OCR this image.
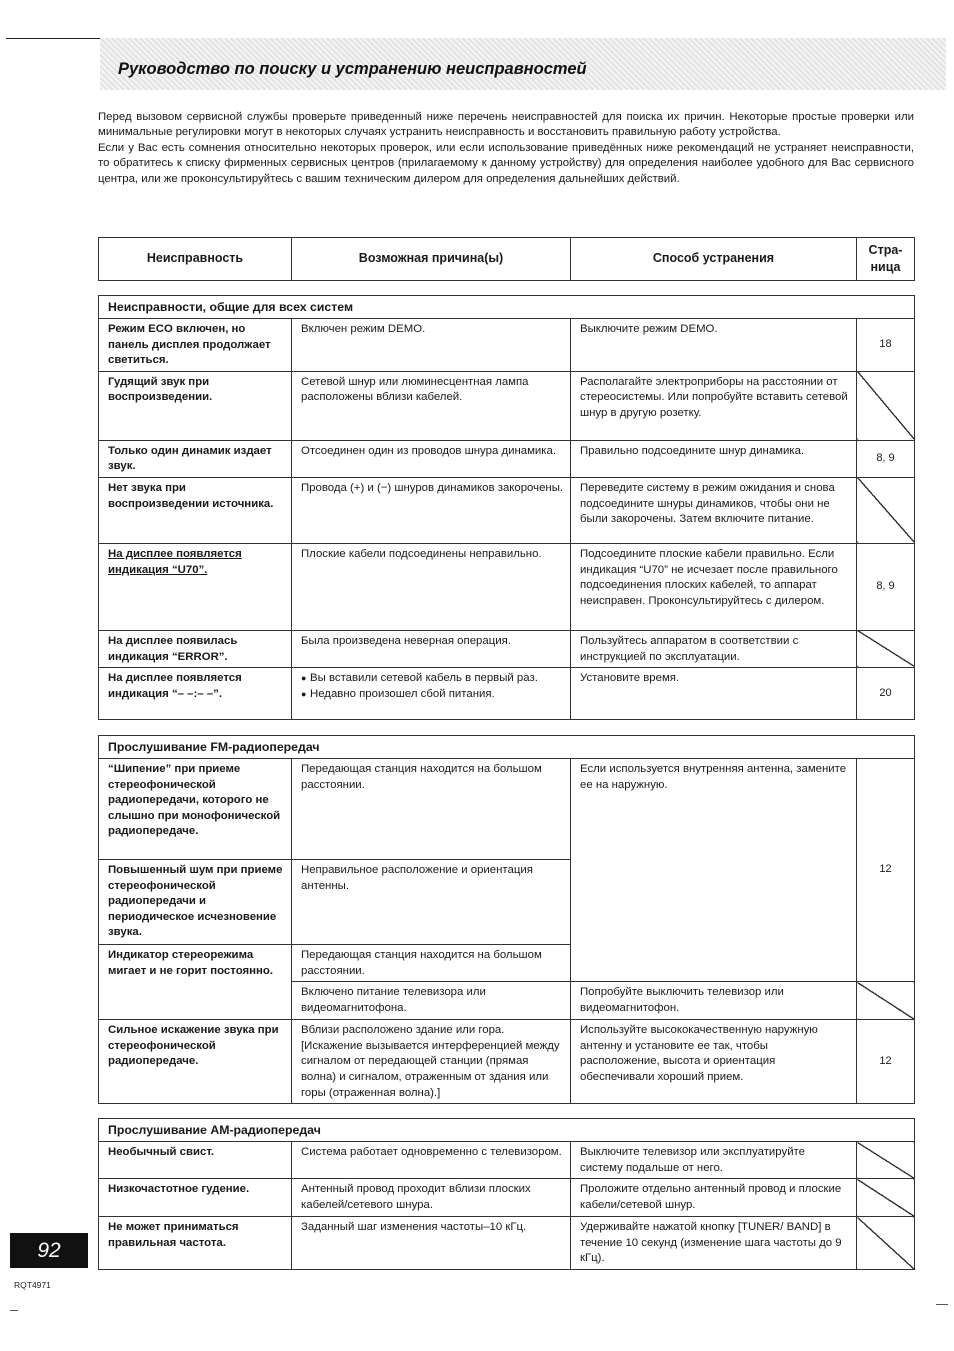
Руководство по поиску и устранению неисправностей

Перед вызовом сервисной службы проверьте приведенный ниже перечень неисправностей для поиска их причин. Некоторые простые проверки или минимальные регулировки могут в некоторых случаях устранить неисправность и восстановить правильную работу устройства.

Если у Вас есть сомнения относительно некоторых проверок, или если использование приведённых ниже рекомендаций не устраняет неисправности, то обратитесь к списку фирменных сервисных центров (прилагаемому к данному устройству) для определения наиболее удобного для Вас сервисного центра, или же проконсультируйтесь с вашим техническим дилером для определения дальнейших действий.

Неисправность	Возможная причина(ы)	Способ устранения	Стра-
ница
Неисправности, общие для всех систем			
Режим ECO включен, но панель дисплея продолжает светиться.	Включен режим DEMO.	Выключите режим DEMO.	18
Гудящий звук при воспроизведении.	Сетевой шнур или люминесцентная лампа расположены вблизи кабелей.	Располагайте электроприборы на расстоянии от стереосистемы. Или попробуйте вставить сетевой шнур в другую розетку.	
Только один динамик издает звук.	Отсоединен один из проводов шнура динамика.	Правильно подсоедините шнур динамика.	8, 9
Нет звука при воспроизведении источника.	Провода (+) и (−) шнуров динамиков закорочены.	Переведите систему в режим ожидания и снова подсоедините шнуры динамиков, чтобы они не были закорочены. Затем включите питание.	
На дисплее появляется индикация “U70”.	Плоские кабели подсоединены неправильно.	Подсоедините плоские кабели правильно. Если индикация “U70” не исчезает после правильного подсоединения плоских кабелей, то аппарат неисправен. Проконсультируйтесь с дилером.	8, 9
На дисплее появилась индикация “ERROR”.	Была произведена неверная операция.	Пользуйтесь аппаратом в соответствии с инструкцией по эксплуатации.	
На дисплее появляется индикация “– –:– –”.	● Вы вставили сетевой кабель в первый раз.
● Недавно произошел сбой питания.	Установите время.	20
Прослушивание FM-радиопередач			
“Шипение” при приеме стереофонической радиопередачи, которого не слышно при монофонической радиопередаче.	Передающая станция находится на большом расстоянии.	Если используется внутренняя антенна, замените ее на наружную.	12
Повышенный шум при приеме стереофонической радиопередачи и периодическое исчезновение звука.	Неправильное расположение и ориентация антенны.		
Индикатор стереорежима мигает и не горит постоянно.	Передающая станция находится на большом расстоянии.		
	Включено питание телевизора или видеомагнитофона.	Попробуйте выключить телевизор или видеомагнитофон.	
Сильное искажение звука при стереофонической радиопередаче.	Вблизи расположено здание или гора. [Искажение вызывается интерференцией между сигналом от передающей станции (прямая волна) и сигналом, отраженным от здания или горы (отраженная волна).]	Используйте высококачественную наружную антенну и установите ее так, чтобы расположение, высота и ориентация обеспечивали хороший прием.	12
Прослушивание AM-радиопередач			
Необычный свист.	Система работает одновременно с телевизором.	Выключите телевизор или эксплуатируйте систему подальше от него.	
Низкочастотное гудение.	Антенный провод проходит вблизи плоских кабелей/сетевого шнура.	Проложите отдельно антенный провод и плоские кабели/сетевой шнур.	
Не может приниматься правильная частота.	Заданный шаг изменения частоты–10 кГц.	Удерживайте нажатой кнопку [TUNER/ BAND] в течение 10 секунд (изменение шага частоты до 9 кГц).	
92
RQT4971
